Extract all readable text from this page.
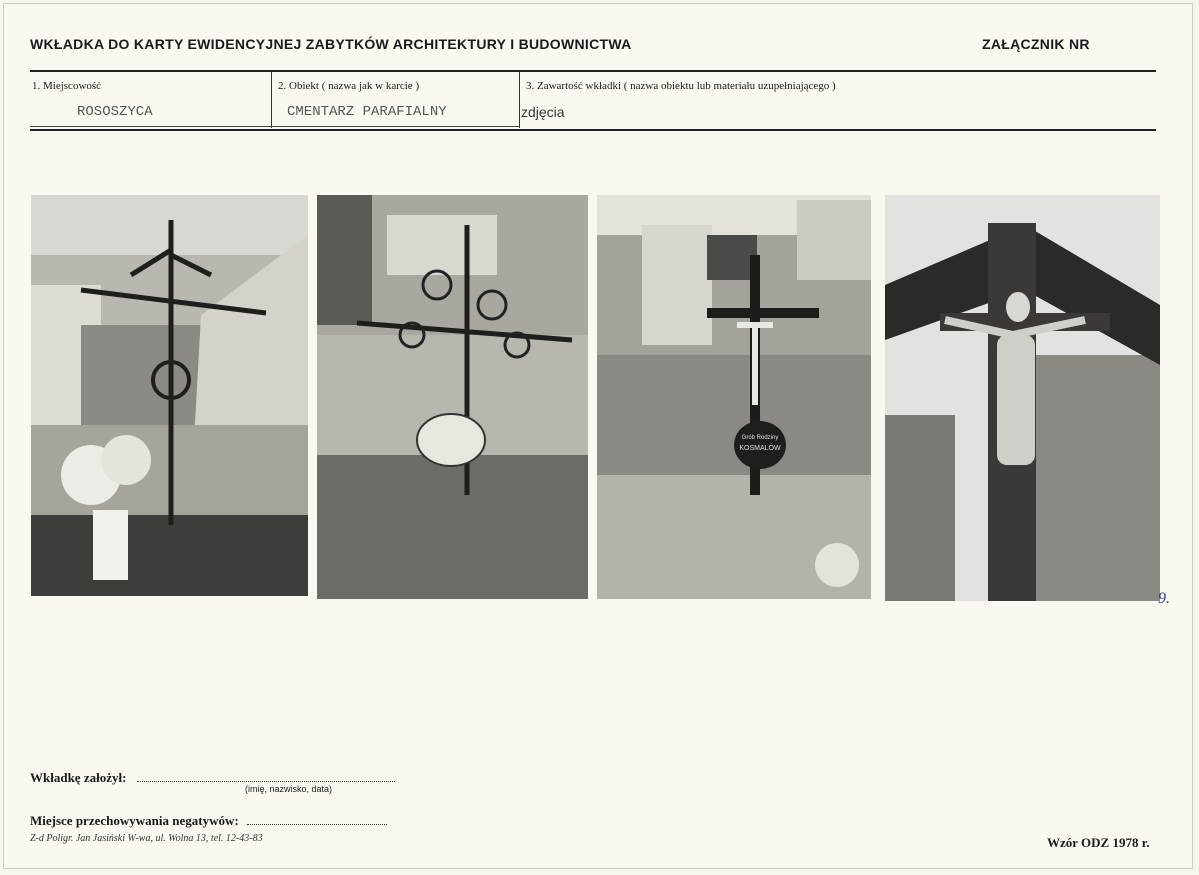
WKŁADKA DO KARTY EWIDENCYJNEJ ZABYTKÓW ARCHITEKTURY I BUDOWNICTWA	ZAŁĄCZNIK NR
1. Miejscowość	2. Obiekt ( nazwa jak w karcie )	3. Zawartość wkładki ( nazwa obiektu lub materiału uzupełniającego )
ROSOSZYCA	CMENTARZ PARAFIALNY	zdjęcia
Grób Rodziny
KOSMALÓW
9.
Wkładkę założył:
(imię, nazwisko, data)
Miejsce przechowywania negatywów:
Z-d Poligr. Jan Jasiński W-wa, ul. Wolna 13, tel. 12-43-83	Wzór ODZ 1978 r.
